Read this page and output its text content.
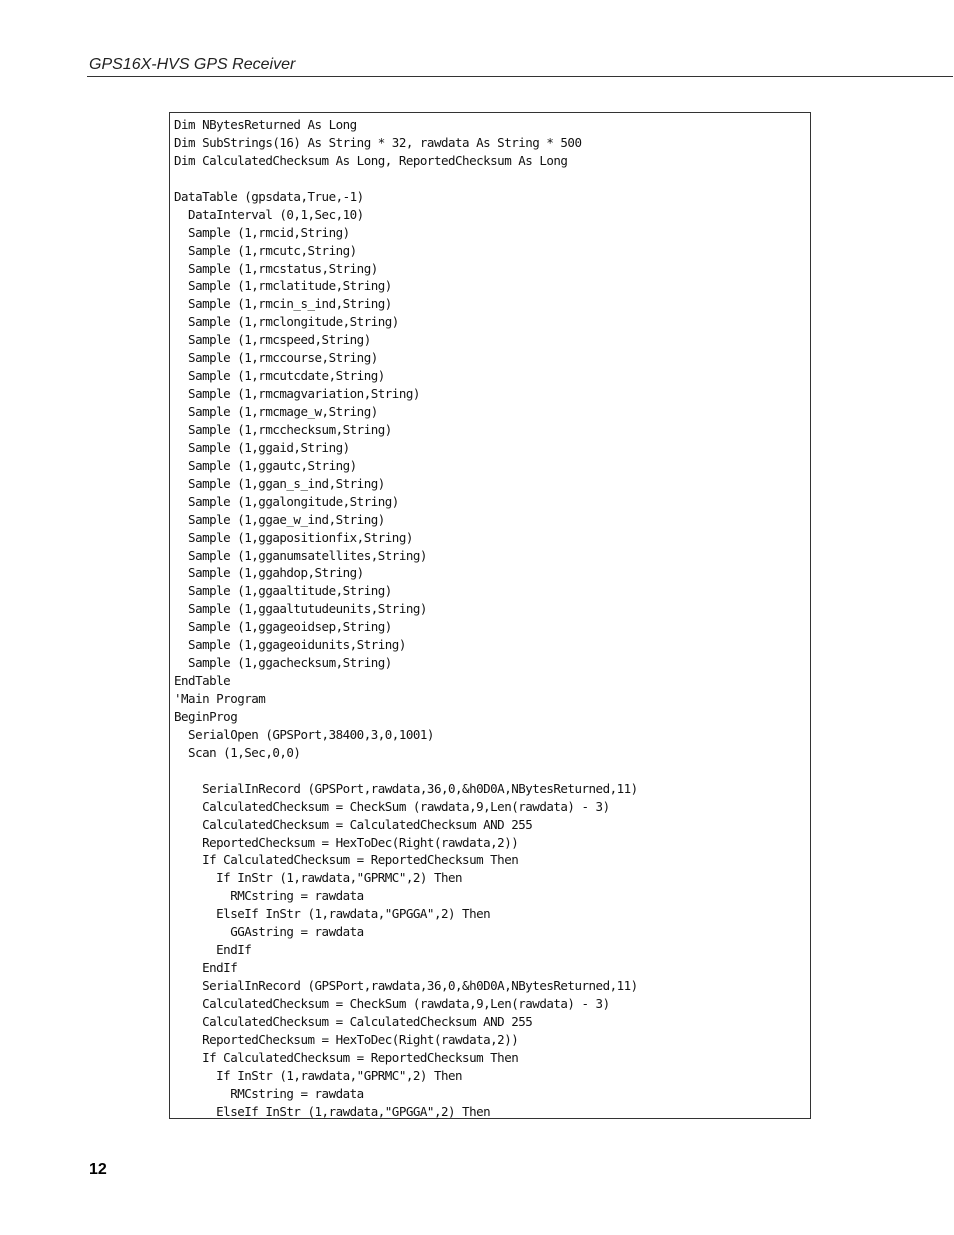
GPS16X-HVS GPS Receiver
Dim NBytesReturned As Long
Dim SubStrings(16) As String * 32, rawdata As String * 500
Dim CalculatedChecksum As Long, ReportedChecksum As Long
DataTable (gpsdata,True,-1)
DataInterval (0,1,Sec,10)
Sample (1,rmcid,String)
Sample (1,rmcutc,String)
Sample (1,rmcstatus,String)
Sample (1,rmclatitude,String)
Sample (1,rmcin_s_ind,String)
Sample (1,rmclongitude,String)
Sample (1,rmcspeed,String)
Sample (1,rmccourse,String)
Sample (1,rmcutcdate,String)
Sample (1,rmcmagvariation,String)
Sample (1,rmcmage_w,String)
Sample (1,rmcchecksum,String)
Sample (1,ggaid,String)
Sample (1,ggautc,String)
Sample (1,ggan_s_ind,String)
Sample (1,ggalongitude,String)
Sample (1,ggae_w_ind,String)
Sample (1,ggapositionfix,String)
Sample (1,gganumsatellites,String)
Sample (1,ggahdop,String)
Sample (1,ggaaltitude,String)
Sample (1,ggaaltutudeunits,String)
Sample (1,ggageoidsep,String)
Sample (1,ggageoidunits,String)
Sample (1,ggachecksum,String)
EndTable
'Main Program
BeginProg
SerialOpen (GPSPort,38400,3,0,1001)
Scan (1,Sec,0,0)
SerialInRecord (GPSPort,rawdata,36,0,&h0D0A,NBytesReturned,11)
CalculatedChecksum = CheckSum (rawdata,9,Len(rawdata) - 3)
CalculatedChecksum = CalculatedChecksum AND 255
ReportedChecksum = HexToDec(Right(rawdata,2))
If CalculatedChecksum = ReportedChecksum Then
If InStr (1,rawdata,"GPRMC",2) Then
RMCstring = rawdata
ElseIf InStr (1,rawdata,"GPGGA",2) Then
GGAstring = rawdata
EndIf
EndIf
SerialInRecord (GPSPort,rawdata,36,0,&h0D0A,NBytesReturned,11)
CalculatedChecksum = CheckSum (rawdata,9,Len(rawdata) - 3)
CalculatedChecksum = CalculatedChecksum AND 255
ReportedChecksum = HexToDec(Right(rawdata,2))
If CalculatedChecksum = ReportedChecksum Then
If InStr (1,rawdata,"GPRMC",2) Then
RMCstring = rawdata
ElseIf InStr (1,rawdata,"GPGGA",2) Then
12
